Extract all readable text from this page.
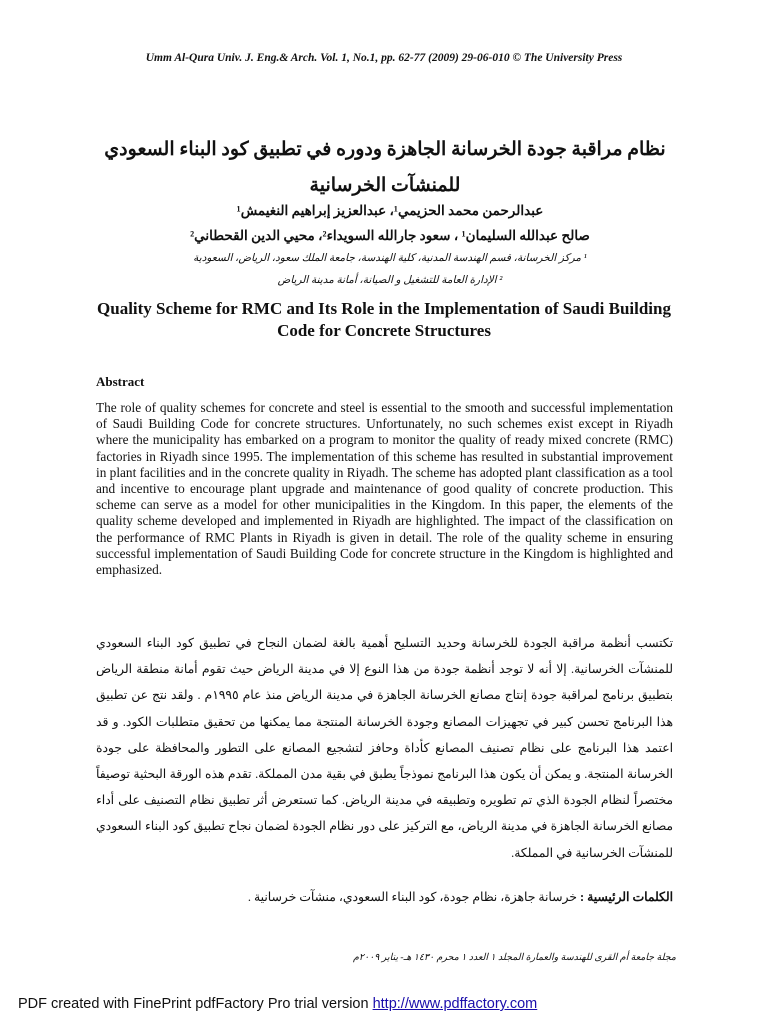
Umm Al-Qura Univ. J. Eng.& Arch. Vol. 1, No.1, pp. 62-77 (2009) 29-06-010 © The University Press
نظام مراقبة جودة الخرسانة الجاهزة ودوره في تطبيق كود البناء السعودي للمنشآت الخرسانية
عبدالرحمن محمد الحزيمي¹، عبدالعزيز إبراهيم النغيمش¹
صالح عبدالله السليمان¹ ، سعود جارالله السويداء²، محيي الدين القحطاني²
¹ مركز الخرسانة، قسم الهندسة المدنية، كلية الهندسة، جامعة الملك سعود، الرياض، السعودية
² الإدارة العامة للتشغيل و الصيانة، أمانة مدينة الرياض
Quality Scheme for RMC and Its Role in the Implementation of Saudi Building Code for Concrete Structures
Abstract
The role of quality schemes for concrete and steel is essential to the smooth and successful implementation of Saudi Building Code for concrete structures. Unfortunately, no such schemes exist except in Riyadh where the municipality has embarked on a program to monitor the quality of ready mixed concrete (RMC) factories in Riyadh since 1995. The implementation of this scheme has resulted in substantial improvement in plant facilities and in the concrete quality in Riyadh. The scheme has adopted plant classification as a tool and incentive to encourage plant upgrade and maintenance of good quality of concrete production. This scheme can serve as a model for other municipalities in the Kingdom. In this paper, the elements of the quality scheme developed and implemented in Riyadh are highlighted. The impact of the classification on the performance of RMC Plants in Riyadh is given in detail. The role of the quality scheme in ensuring successful implementation of Saudi Building Code for concrete structure in the Kingdom is highlighted and emphasized.
تكتسب أنظمة مراقبة الجودة للخرسانة وحديد التسليح أهمية بالغة لضمان النجاح في تطبيق كود البناء السعودي للمنشآت الخرسانية. إلا أنه لا توجد أنظمة جودة من هذا النوع إلا في مدينة الرياض حيث تقوم أمانة منطقة الرياض بتطبيق برنامج لمراقبة جودة إنتاج مصانع الخرسانة الجاهزة في مدينة الرياض منذ عام ١٩٩٥م . ولقد نتج عن تطبيق هذا البرنامج تحسن كبير في تجهيزات المصانع وجودة الخرسانة المنتجة مما يمكنها من تحقيق متطلبات الكود. و قد اعتمد هذا البرنامج على نظام تصنيف المصانع كأداة وحافز لتشجيع المصانع على التطور والمحافظة على جودة الخرسانة المنتجة. و يمكن أن يكون هذا البرنامج نموذجاً يطبق في بقية مدن المملكة. تقدم هذه الورقة البحثية توصيفاً مختصراً لنظام الجودة الذي تم تطويره وتطبيقه في مدينة الرياض. كما تستعرض أثر تطبيق نظام التصنيف على أداء مصانع الخرسانة الجاهزة في مدينة الرياض، مع التركيز على دور نظام الجودة لضمان نجاح تطبيق كود البناء السعودي للمنشآت الخرسانية في المملكة.
الكلمات الرئيسية : خرسانة جاهزة، نظام جودة، كود البناء السعودي، منشآت خرسانية .
مجلة جامعة أم القرى للهندسة والعمارة المجلد ١ العدد ١ محرم ١٤٣٠ هـ- يناير ٢٠٠٩م
PDF created with FinePrint pdfFactory Pro trial version http://www.pdffactory.com
